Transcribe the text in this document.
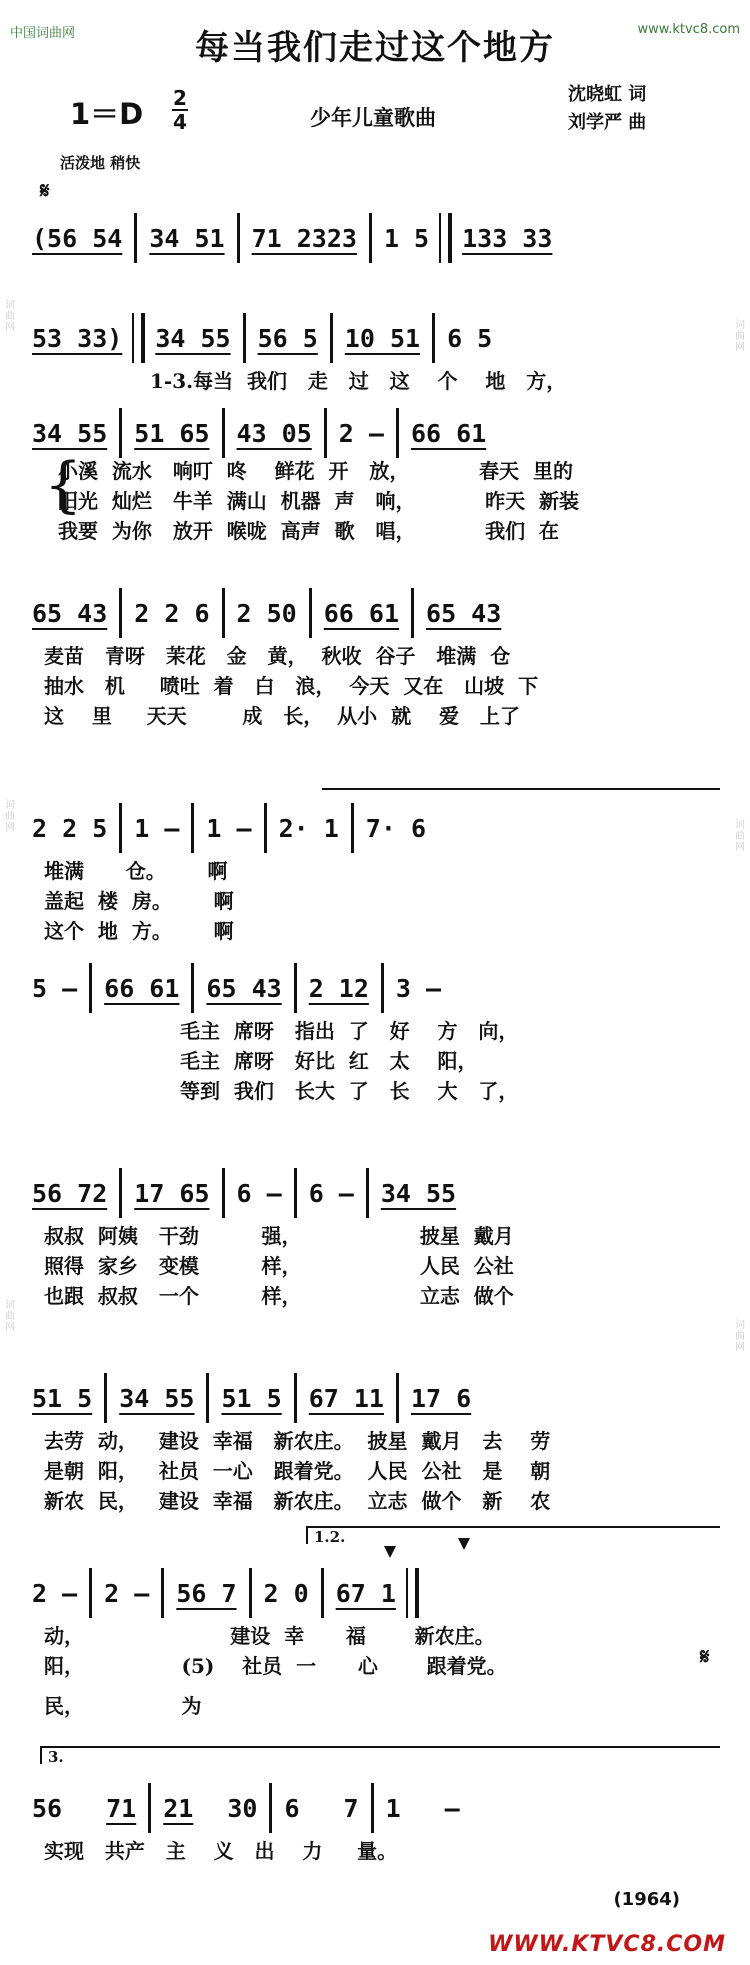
词曲网
词曲网
词曲网
词曲网
词曲网
词曲网
中国词曲网	www.ktvc8.com
每当我们走过这个地方
1＝D 2
4	少年儿童歌曲
沈晓虹 词
刘学严 曲
活泼地 稍快
𝄋
(56 54 34 51 71 2323 1 5 133 33
53 33) 34 55 56 5 10 51 6 5
1-3.每当  我们   走   过   这    个    地   方，
34 55 51 65 43 05 2 — 66 61
{
小溪  流水   响叮  咚    鲜花  开   放，          春天  里的
阳光  灿烂   牛羊  满山  机器  声   响，          昨天  新装
我要  为你   放开  喉咙  高声  歌   唱，          我们  在
65 43 2 2 6 2 50 66 61 65 43
麦苗   青呀   茉花   金   黄，  秋收  谷子   堆满  仓
抽水   机     喷吐  着   白   浪，  今天  又在   山坡  下
这    里     天天        成   长，  从小  就    爱   上了
2 2 5 1 — 1 — 2· 1 7· 6
堆满      仓。      啊
盖起  楼  房。      啊
这个  地  方。      啊
5 — 66 61 65 43 2 12 3 —
毛主  席呀   指出  了   好    方   向，
毛主  席呀   好比  红   太    阳，
等到  我们   长大  了   长    大   了，
56 72 17 65 6 — 6 — 34 55
叔叔  阿姨   干劲         强，                 披星  戴月
照得  家乡   变模         样，                 人民  公社
也跟  叔叔   一个         样，                 立志  做个
51 5 34 55 51 5 67 11 17 6
去劳  动，   建设  幸福   新农庄。  披星  戴月   去    劳
是朝  阳，   社员  一心   跟着党。  人民  公社   是    朝
新农  民，   建设  幸福   新农庄。  立志  做个   新    农
1.2.
2 — 2 — 56 7 2 0 67 1
动，                     建设  幸      福       新农庄。
阳，              (5)    社员  一      心       跟着党。
民，              为
𝄋
3.
56 71 21 30 6 7 1 —
实现   共产   主    义   出    力     量。
(1964)
WWW.KTVC8.COM
